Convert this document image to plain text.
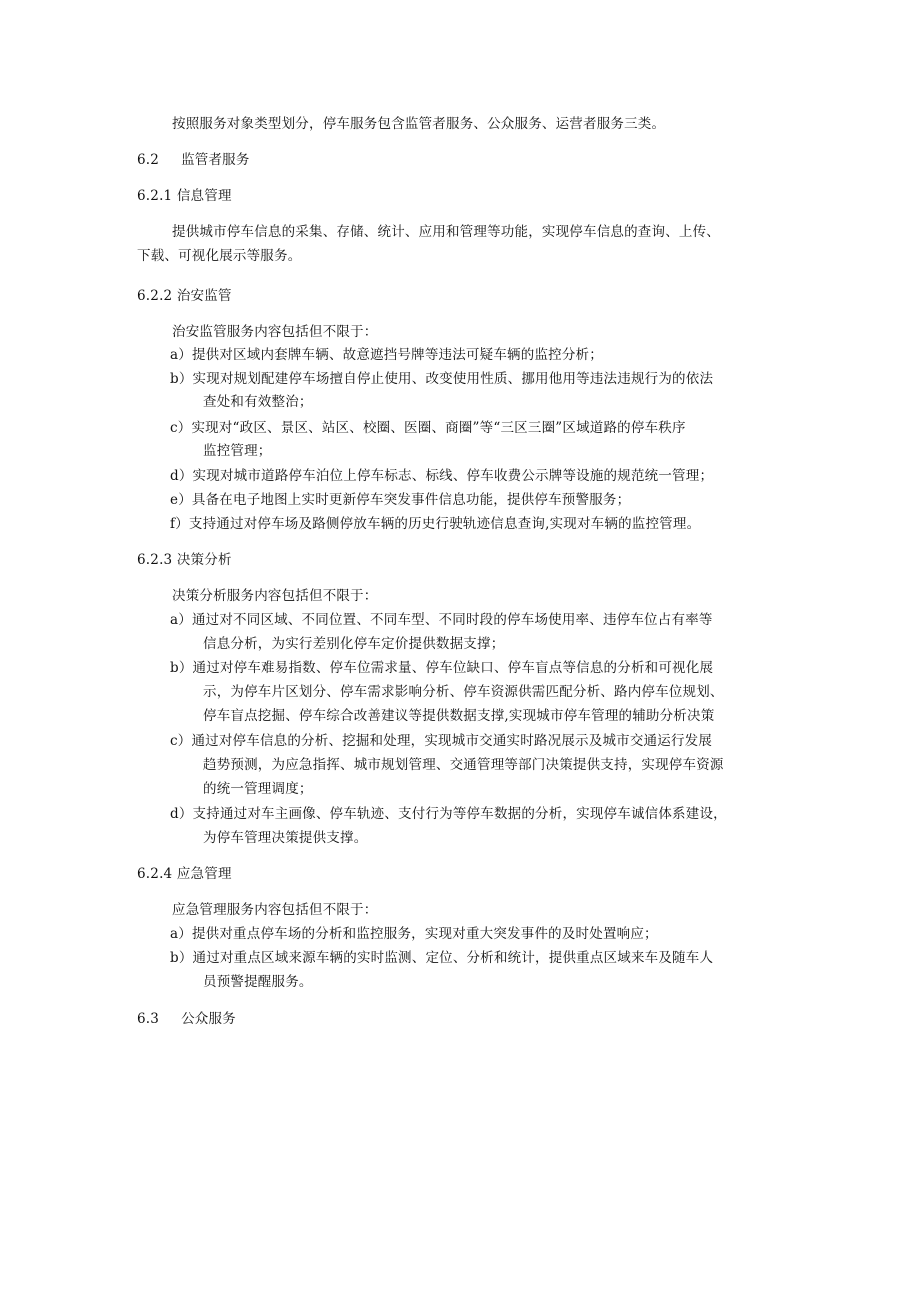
按照服务对象类型划分，停车服务包含监管者服务、公众服务、运营者服务三类。
6.2 监管者服务
6.2.1 信息管理
提供城市停车信息的采集、存储、统计、应用和管理等功能，实现停车信息的查询、上传、
下载、可视化展示等服务。
6.2.2 治安监管
治安监管服务内容包括但不限于：
a）提供对区域内套牌车辆、故意遮挡号牌等违法可疑车辆的监控分析；
b）实现对规划配建停车场擅自停止使用、改变使用性质、挪用他用等违法违规行为的依法
查处和有效整治；
c）实现对“政区、景区、站区、校圈、医圈、商圈”等“三区三圈”区域道路的停车秩序
监控管理；
d）实现对城市道路停车泊位上停车标志、标线、停车收费公示牌等设施的规范统一管理；
e）具备在电子地图上实时更新停车突发事件信息功能，提供停车预警服务；
f）支持通过对停车场及路侧停放车辆的历史行驶轨迹信息查询,实现对车辆的监控管理。
6.2.3 决策分析
决策分析服务内容包括但不限于：
a）通过对不同区域、不同位置、不同车型、不同时段的停车场使用率、违停车位占有率等
信息分析，为实行差别化停车定价提供数据支撑；
b）通过对停车难易指数、停车位需求量、停车位缺口、停车盲点等信息的分析和可视化展
示，为停车片区划分、停车需求影响分析、停车资源供需匹配分析、路内停车位规划、
停车盲点挖掘、停车综合改善建议等提供数据支撑,实现城市停车管理的辅助分析决策
c）通过对停车信息的分析、挖掘和处理，实现城市交通实时路况展示及城市交通运行发展
趋势预测，为应急指挥、城市规划管理、交通管理等部门决策提供支持，实现停车资源
的统一管理调度；
d）支持通过对车主画像、停车轨迹、支付行为等停车数据的分析，实现停车诚信体系建设，
为停车管理决策提供支撑。
6.2.4 应急管理
应急管理服务内容包括但不限于：
a）提供对重点停车场的分析和监控服务，实现对重大突发事件的及时处置响应；
b）通过对重点区域来源车辆的实时监测、定位、分析和统计，提供重点区域来车及随车人
员预警提醒服务。
6.3 公众服务
